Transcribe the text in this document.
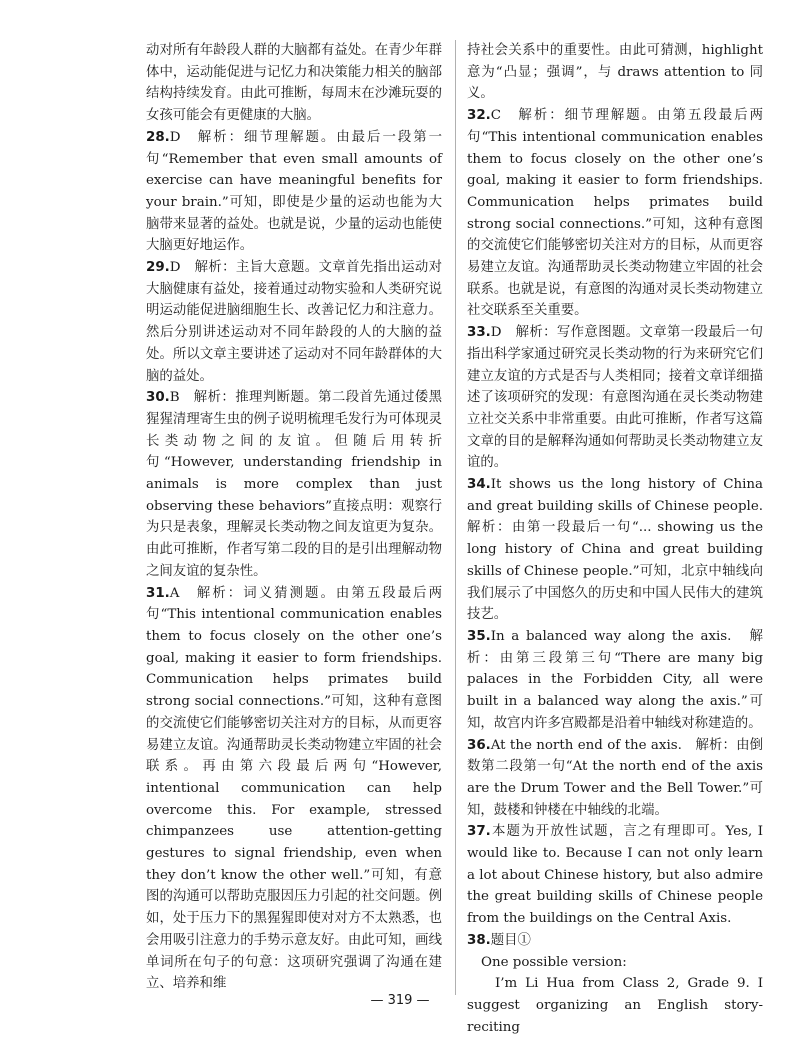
动对所有年龄段人群的大脑都有益处。在青少年群体中，运动能促进与记忆力和决策能力相关的脑部结构持续发育。由此可推断，每周末在沙滩玩耍的女孩可能会有更健康的大脑。

28.D　解析：细节理解题。由最后一段第一句“Remember that even small amounts of exercise can have meaningful benefits for your brain.”可知，即使是少量的运动也能为大脑带来显著的益处。也就是说，少量的运动也能使大脑更好地运作。

29.D　解析：主旨大意题。文章首先指出运动对大脑健康有益处，接着通过动物实验和人类研究说明运动能促进脑细胞生长、改善记忆力和注意力。然后分别讲述运动对不同年龄段的人的大脑的益处。所以文章主要讲述了运动对不同年龄群体的大脑的益处。

30.B　解析：推理判断题。第二段首先通过倭黑猩猩清理寄生虫的例子说明梳理毛发行为可体现灵长类动物之间的友谊。但随后用转折句“However, understanding friendship in animals is more complex than just observing these behaviors”直接点明：观察行为只是表象，理解灵长类动物之间友谊更为复杂。由此可推断，作者写第二段的目的是引出理解动物之间友谊的复杂性。

31.A　解析：词义猜测题。由第五段最后两句“This intentional communication enables them to focus closely on the other one’s goal, making it easier to form friendships. Communication helps primates build strong social connections.”可知，这种有意图的交流使它们能够密切关注对方的目标，从而更容易建立友谊。沟通帮助灵长类动物建立牢固的社会联系。再由第六段最后两句“However, intentional communication can help overcome this. For example, stressed chimpanzees use attention-getting gestures to signal friendship, even when they don’t know the other well.”可知，有意图的沟通可以帮助克服因压力引起的社交问题。例如，处于压力下的黑猩猩即使对对方不太熟悉，也会用吸引注意力的手势示意友好。由此可知，画线单词所在句子的句意：这项研究强调了沟通在建立、培养和维

持社会关系中的重要性。由此可猜测，highlight意为“凸显；强调”，与 draws attention to 同义。

32.C　解析：细节理解题。由第五段最后两句“This intentional communication enables them to focus closely on the other one’s goal, making it easier to form friendships. Communication helps primates build strong social connections.”可知，这种有意图的交流使它们能够密切关注对方的目标，从而更容易建立友谊。沟通帮助灵长类动物建立牢固的社会联系。也就是说，有意图的沟通对灵长类动物建立社交联系至关重要。

33.D　解析：写作意图题。文章第一段最后一句指出科学家通过研究灵长类动物的行为来研究它们建立友谊的方式是否与人类相同；接着文章详细描述了该项研究的发现：有意图沟通在灵长类动物建立社交关系中非常重要。由此可推断，作者写这篇文章的目的是解释沟通如何帮助灵长类动物建立友谊的。

34.It shows us the long history of China and great building skills of Chinese people.　解析：由第一段最后一句“... showing us the long history of China and great building skills of Chinese people.”可知，北京中轴线向我们展示了中国悠久的历史和中国人民伟大的建筑技艺。

35.In a balanced way along the axis.　解析：由第三段第三句“There are many big palaces in the Forbidden City, all were built in a balanced way along the axis.”可知，故宫内许多宫殿都是沿着中轴线对称建造的。

36.At the north end of the axis.　解析：由倒数第二段第一句“At the north end of the axis are the Drum Tower and the Bell Tower.”可知，鼓楼和钟楼在中轴线的北端。

37.本题为开放性试题，言之有理即可。Yes, I would like to. Because I can not only learn a lot about Chinese history, but also admire the great building skills of Chinese people from the buildings on the Central Axis.

38.题目①

One possible version:

I’m Li Hua from Class 2, Grade 9. I suggest organizing an English story-reciting

— 319 —
